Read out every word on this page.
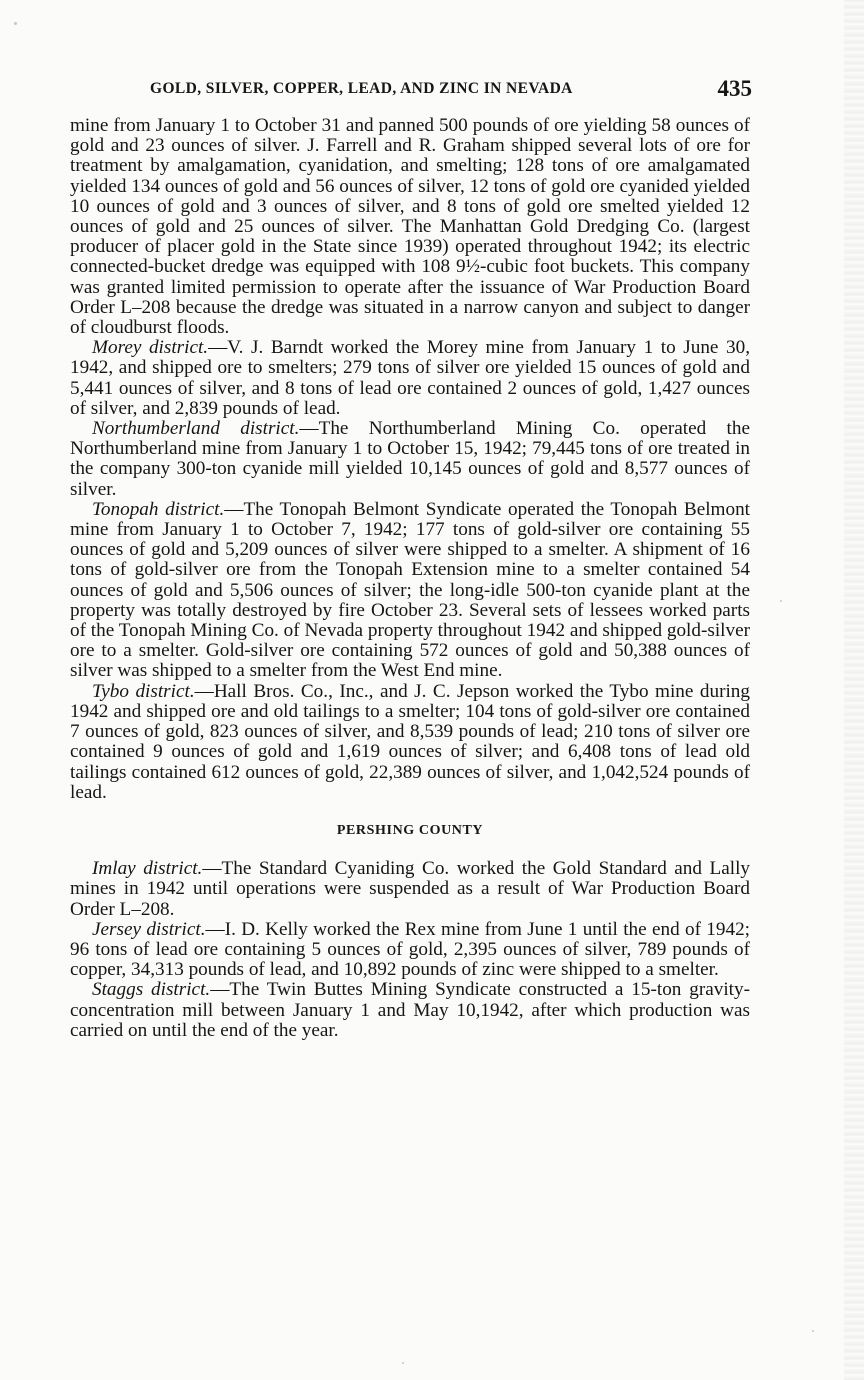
GOLD, SILVER, COPPER, LEAD, AND ZINC IN NEVADA	435

mine from January 1 to October 31 and panned 500 pounds of ore yielding 58 ounces of gold and 23 ounces of silver. J. Farrell and R. Graham shipped several lots of ore for treatment by amalgamation, cyanidation, and smelting; 128 tons of ore amalgamated yielded 134 ounces of gold and 56 ounces of silver, 12 tons of gold ore cyanided yielded 10 ounces of gold and 3 ounces of silver, and 8 tons of gold ore smelted yielded 12 ounces of gold and 25 ounces of silver. The Manhattan Gold Dredging Co. (largest producer of placer gold in the State since 1939) operated throughout 1942; its electric connected-bucket dredge was equipped with 108 9½-cubic foot buckets. This company was granted limited permission to operate after the issuance of War Production Board Order L–208 because the dredge was situated in a narrow canyon and subject to danger of cloudburst floods.

Morey district.—V. J. Barndt worked the Morey mine from January 1 to June 30, 1942, and shipped ore to smelters; 279 tons of silver ore yielded 15 ounces of gold and 5,441 ounces of silver, and 8 tons of lead ore contained 2 ounces of gold, 1,427 ounces of silver, and 2,839 pounds of lead.

Northumberland district.—The Northumberland Mining Co. operated the Northumberland mine from January 1 to October 15, 1942; 79,445 tons of ore treated in the company 300-ton cyanide mill yielded 10,145 ounces of gold and 8,577 ounces of silver.

Tonopah district.—The Tonopah Belmont Syndicate operated the Tonopah Belmont mine from January 1 to October 7, 1942; 177 tons of gold-silver ore containing 55 ounces of gold and 5,209 ounces of silver were shipped to a smelter. A shipment of 16 tons of gold-silver ore from the Tonopah Extension mine to a smelter contained 54 ounces of gold and 5,506 ounces of silver; the long-idle 500-ton cyanide plant at the property was totally destroyed by fire October 23. Several sets of lessees worked parts of the Tonopah Mining Co. of Nevada property throughout 1942 and shipped gold-silver ore to a smelter. Gold-silver ore containing 572 ounces of gold and 50,388 ounces of silver was shipped to a smelter from the West End mine.

Tybo district.—Hall Bros. Co., Inc., and J. C. Jepson worked the Tybo mine during 1942 and shipped ore and old tailings to a smelter; 104 tons of gold-silver ore contained 7 ounces of gold, 823 ounces of silver, and 8,539 pounds of lead; 210 tons of silver ore contained 9 ounces of gold and 1,619 ounces of silver; and 6,408 tons of lead old tailings contained 612 ounces of gold, 22,389 ounces of silver, and 1,042,524 pounds of lead.

PERSHING COUNTY

Imlay district.—The Standard Cyaniding Co. worked the Gold Standard and Lally mines in 1942 until operations were suspended as a result of War Production Board Order L–208.

Jersey district.—I. D. Kelly worked the Rex mine from June 1 until the end of 1942; 96 tons of lead ore containing 5 ounces of gold, 2,395 ounces of silver, 789 pounds of copper, 34,313 pounds of lead, and 10,892 pounds of zinc were shipped to a smelter.

Staggs district.—The Twin Buttes Mining Syndicate constructed a 15-ton gravity-concentration mill between January 1 and May 10,1942, after which production was carried on until the end of the year.
